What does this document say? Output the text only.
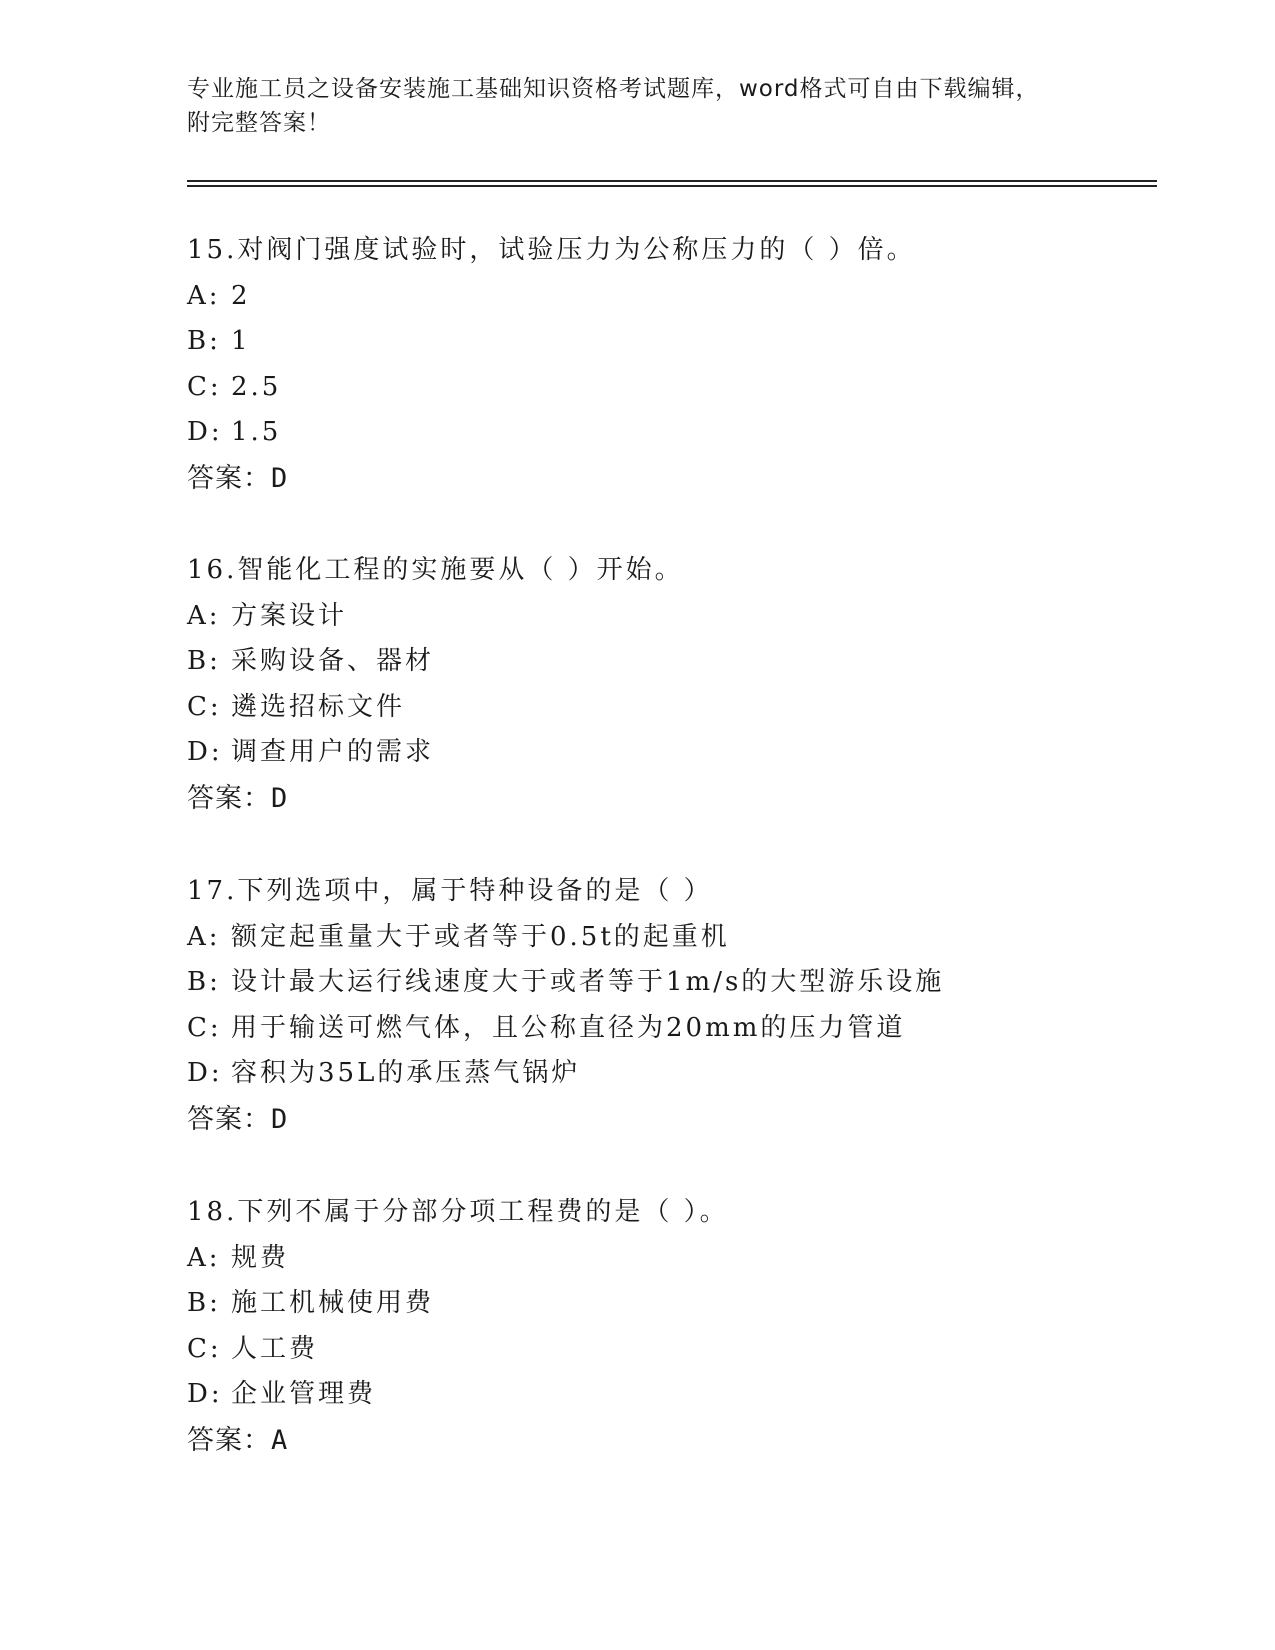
专业施工员之设备安装施工基础知识资格考试题库，word格式可自由下载编辑，

附完整答案！

15.对阀门强度试验时，试验压力为公称压力的（ ）倍。
A: 2
B: 1
C: 2.5
D: 1.5
答案：D
16.智能化工程的实施要从（ ）开始。
A: 方案设计
B: 采购设备、器材
C: 遴选招标文件
D: 调查用户的需求
答案：D
17.下列选项中，属于特种设备的是（ ）
A: 额定起重量大于或者等于0.5t的起重机
B: 设计最大运行线速度大于或者等于1m/s的大型游乐设施
C: 用于输送可燃气体，且公称直径为20mm的压力管道
D: 容积为35L的承压蒸气锅炉
答案：D
18.下列不属于分部分项工程费的是（ ）。
A: 规费
B: 施工机械使用费
C: 人工费
D: 企业管理费
答案：A
